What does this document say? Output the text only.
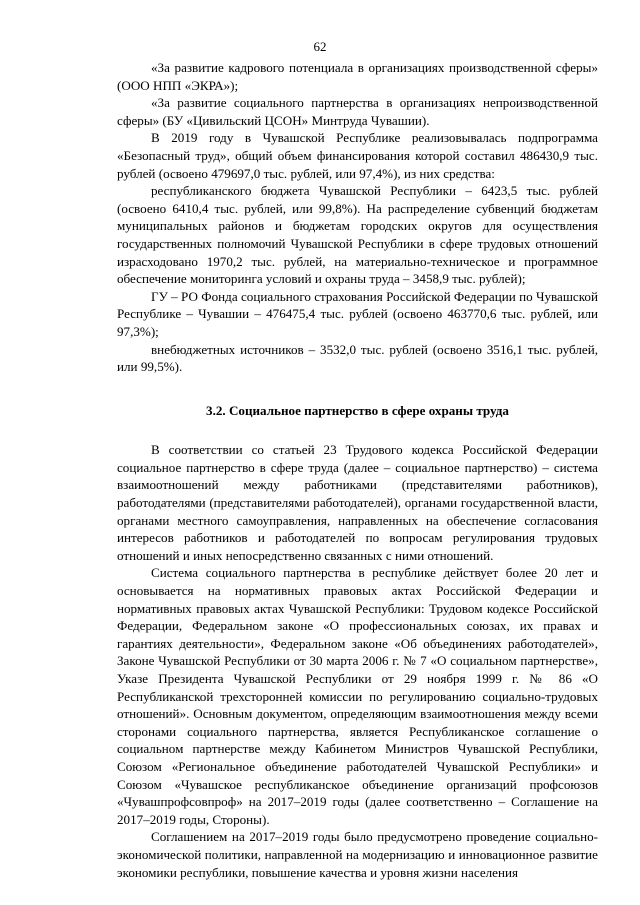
62

«За развитие кадрового потенциала в организациях производственной сферы» (ООО НПП «ЭКРА»);

«За развитие социального партнерства в организациях непроизводственной сферы» (БУ «Цивильский ЦСОН» Минтруда Чувашии).

В 2019 году в Чувашской Республике реализовывалась подпрограмма «Безопасный труд», общий объем финансирования которой составил 486430,9 тыс. рублей (освоено 479697,0 тыс. рублей, или 97,4%), из них средства:

республиканского бюджета Чувашской Республики – 6423,5 тыс. рублей (освоено 6410,4 тыс. рублей, или 99,8%). На распределение субвенций бюджетам муниципальных районов и бюджетам городских округов для осуществления государственных полномочий Чувашской Республики в сфере трудовых отношений израсходовано 1970,2 тыс. рублей, на материально-техническое и программное обеспечение мониторинга условий и охраны труда – 3458,9 тыс. рублей);

ГУ – РО Фонда социального страхования Российской Федерации по Чувашской Республике – Чувашии – 476475,4 тыс. рублей (освоено 463770,6 тыс. рублей, или 97,3%);

внебюджетных источников – 3532,0 тыс. рублей (освоено 3516,1 тыс. рублей, или 99,5%).

3.2. Социальное партнерство в сфере охраны труда

В соответствии со статьей 23 Трудового кодекса Российской Федерации социальное партнерство в сфере труда (далее – социальное партнерство) – система взаимоотношений между работниками (представителями работников), работодателями (представителями работодателей), органами государственной власти, органами местного самоуправления, направленных на обеспечение согласования интересов работников и работодателей по вопросам регулирования трудовых отношений и иных непосредственно связанных с ними отношений.

Система социального партнерства в республике действует более 20 лет и основывается на нормативных правовых актах Российской Федерации и нормативных правовых актах Чувашской Республики: Трудовом кодексе Российской Федерации, Федеральном законе «О профессиональных союзах, их правах и гарантиях деятельности», Федеральном законе «Об объединениях работодателей», Законе Чувашской Республики от 30 марта 2006 г. № 7 «О социальном партнерстве», Указе Президента Чувашской Республики от 29 ноября 1999 г. № 86 «О Республиканской трехсторонней комиссии по регулированию социально-трудовых отношений». Основным документом, определяющим взаимоотношения между всеми сторонами социального партнерства, является Республиканское соглашение о социальном партнерстве между Кабинетом Министров Чувашской Республики, Союзом «Региональное объединение работодателей Чувашской Республики» и Союзом «Чувашское республиканское объединение организаций профсоюзов «Чувашпрофсовпроф» на 2017–2019 годы (далее соответственно – Соглашение на 2017–2019 годы, Стороны).

Соглашением на 2017–2019 годы было предусмотрено проведение социально-экономической политики, направленной на модернизацию и инновационное развитие экономики республики, повышение качества и уровня жизни населения
